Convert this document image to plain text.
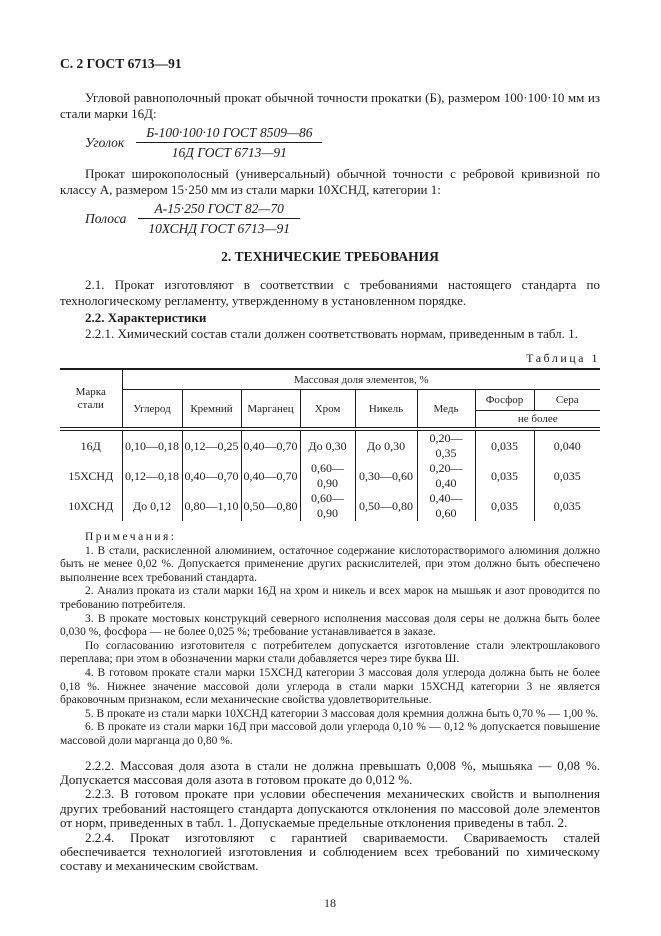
С. 2 ГОСТ 6713—91

Угловой равнополочный прокат обычной точности прокатки (Б), размером 100·100·10 мм из стали марки 16Д:

Уголок $\frac{\text{Б-100·100·10 ГОСТ 8509—86}}{\text{16Д ГОСТ 6713—91}}$

Прокат широкополосный (универсальный) обычной точности с ребровой кривизной по классу А, размером 15·250 мм из стали марки 10ХСНД, категории 1:

Полоса $\frac{\text{А-15·250 ГОСТ 82—70}}{\text{10ХСНД ГОСТ 6713—91}}$
2. ТЕХНИЧЕСКИЕ ТРЕБОВАНИЯ

2.1. Прокат изготовляют в соответствии с требованиями настоящего стандарта по технологическому регламенту, утвержденному в установленном порядке.

2.2. Характеристики

2.2.1. Химический состав стали должен соответствовать нормам, приведенным в табл. 1.

Таблица 1
Марка стали	Массовая доля элементов, %							
	Углерод	Кремний	Марганец	Хром	Никель	Медь	Фосфор	Сера
							не более	

16Д	0,10—0,18	0,12—0,25	0,40—0,70	До 0,30	До 0,30	0,20—0,35	0,035	0,040
15ХСНД	0,12—0,18	0,40—0,70	0,40—0,70	0,60—0,90	0,30—0,60	0,20—0,40	0,035	0,035
10ХСНД	До 0,12	0,80—1,10	0,50—0,80	0,60—0,90	0,50—0,80	0,40—0,60	0,035	0,035

Примечания:

1. В стали, раскисленной алюминием, остаточное содержание кислоторастворимого алюминия должно быть не менее 0,02 %. Допускается применение других раскислителей, при этом должно быть обеспечено выполнение всех требований стандарта.

2. Анализ проката из стали марки 16Д на хром и никель и всех марок на мышьяк и азот проводится по требованию потребителя.

3. В прокате мостовых конструкций северного исполнения массовая доля серы не должна быть более 0,030 %, фосфора — не более 0,025 %; требование устанавливается в заказе.

По согласованию изготовителя с потребителем допускается изготовление стали электрошлакового переплава; при этом в обозначении марки стали добавляется через тире буква Ш.

4. В готовом прокате стали марки 15ХСНД категории 3 массовая доля углерода должна быть не более 0,18 %. Нижнее значение массовой доли углерода в стали марки 15ХСНД категории 3 не является браковочным признаком, если механические свойства удовлетворительные.

5. В прокате из стали марки 10ХСНД категории 3 массовая доля кремния должна быть 0,70 % — 1,00 %.

6. В прокате из стали марки 16Д при массовой доли углерода 0,10 % — 0,12 % допускается повышение массовой доли марганца до 0,80 %.

2.2.2. Массовая доля азота в стали не должна превышать 0,008 %, мышьяка — 0,08 %. Допускается массовая доля азота в готовом прокате до 0,012 %.

2.2.3. В готовом прокате при условии обеспечения механических свойств и выполнения других требований настоящего стандарта допускаются отклонения по массовой доле элементов от норм, приведенных в табл. 1. Допускаемые предельные отклонения приведены в табл. 2.

2.2.4. Прокат изготовляют с гарантией свариваемости. Свариваемость сталей обеспечивается технологией изготовления и соблюдением всех требований по химическому составу и механическим свойствам.

18
